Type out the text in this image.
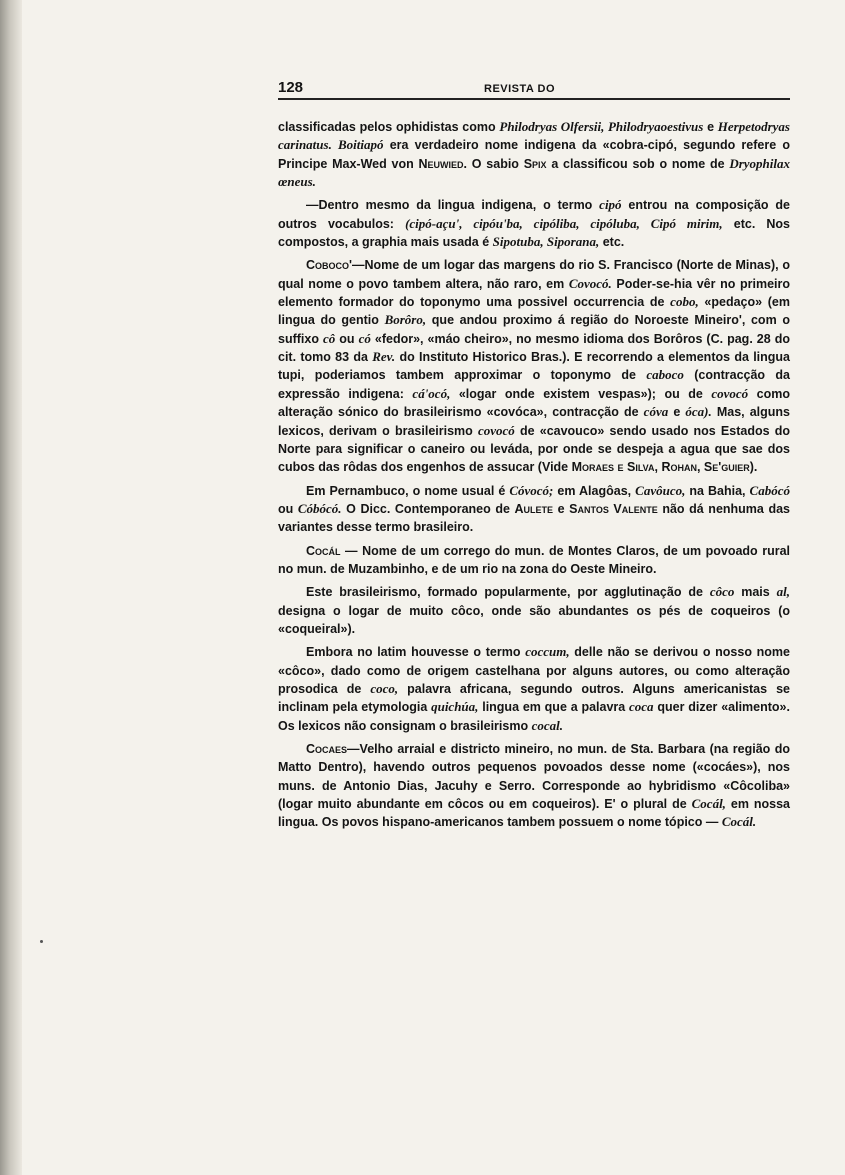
128	REVISTA DO

classificadas pelos ophidistas como Philodryas Olfersii, Philodryaoestivus e Herpetodryas carinatus. Boitiapó era verdadeiro nome indigena da «cobra-cipó, segundo refere o Principe Max-Wed von Neuwied. O sabio Spix a classificou sob o nome de Dryophilax œneus.

—Dentro mesmo da lingua indigena, o termo cipó entrou na composição de outros vocabulos: (cipó-açu', cipóu'ba, cipóliba, cipóluba, Cipó mirim, etc. Nos compostos, a graphia mais usada é Sipotuba, Siporana, etc.

Coboco'—Nome de um logar das margens do rio S. Francisco (Norte de Minas), o qual nome o povo tambem altera, não raro, em Covocó. Poder-se-hia vêr no primeiro elemento formador do toponymo uma possivel occurrencia de cobo, «pedaço» (em lingua do gentio Borôro, que andou proximo á região do Noroeste Mineiro', com o suffixo cô ou có «fedor», «máo cheiro», no mesmo idioma dos Borôros (C. pag. 28 do cit. tomo 83 da Rev. do Instituto Historico Bras.). E recorrendo a elementos da lingua tupi, poderiamos tambem approximar o toponymo de caboco (contracção da expressão indigena: cá'ocó, «logar onde existem vespas»); ou de covocó como alteração sónico do brasileirismo «covócа», contracção de cóva e óca). Mas, alguns lexicos, derivam o brasileirismo covocó de «cavouco» sendo usado nos Estados do Norte para significar o caneiro ou leváda, por onde se despeja a agua que sae dos cubos das rôdas dos engenhos de assucar (Vide Moraes e Silva, Rohan, Se'guier).

Em Pernambuco, o nome usual é Cóvocó; em Alagôas, Cavôuco, na Bahia, Cabócó ou Cóbócó. O Dicc. Contemporaneo de Aulete e Santos Valente não dá nenhuma das variantes desse termo brasileiro.

Cocál — Nome de um corrego do mun. de Montes Claros, de um povoado rural no mun. de Muzambinho, e de um rio na zona do Oeste Mineiro.

Este brasileirismo, formado popularmente, por agglutinação de côco mais al, designa o logar de muito côco, onde são abundantes os pés de coqueiros (o «coqueiral»).

Embora no latim houvesse o termo coccum, delle não se derivou o nosso nome «côco», dado como de origem castelhana por alguns autores, ou como alteração prosodica de coco, palavra africana, segundo outros. Alguns americanistas se inclinam pela etymologia quichúa, lingua em que a palavra coca quer dizer «alimento». Os lexicos não consignam o brasileirismo cocal.

Cocaes—Velho arraial e districto mineiro, no mun. de Sta. Barbara (na região do Matto Dentro), havendo outros pequenos povoados desse nome («cocáes»), nos muns. de Antonio Dias, Jacuhy e Serro. Corresponde ao hybridismo «Côcoliba» (logar muito abundante em côcos ou em coqueiros). E' o plural de Cocál, em nossa lingua. Os povos hispano-americanos tambem possuem o nome tópico — Cocál.
